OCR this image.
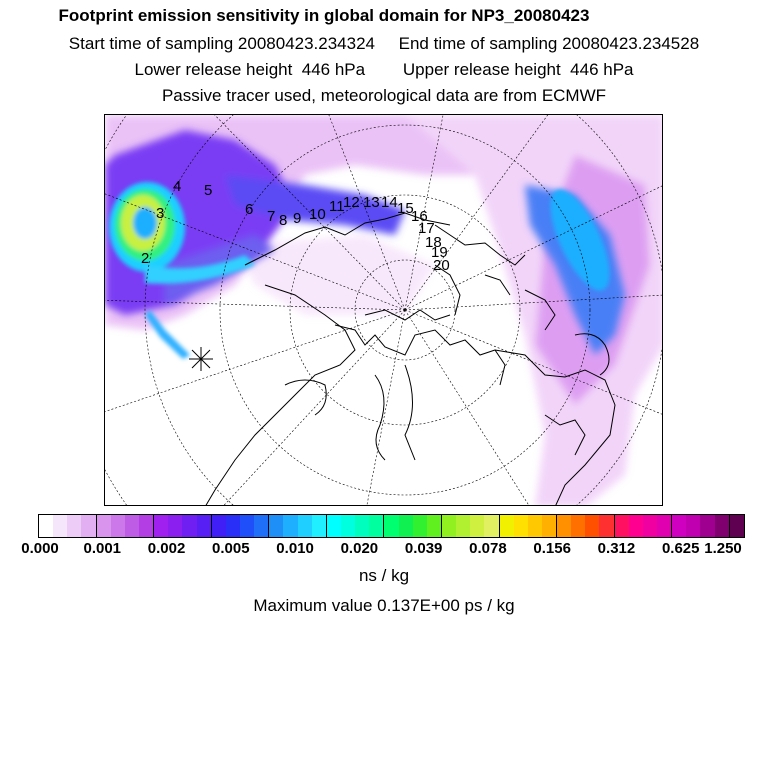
Footprint emission sensitivity in global domain for NP3_20080423
Start time of sampling 20080423.234324     End time of sampling 20080423.234528
Lower release height  446 hPa        Upper release height  446 hPa
Passive tracer used, meteorological data are from ECMWF
2
3
4 5
6 7 8 9 10 11
12 13 14 15
16
17
18
19
20
0.000 0.001 0.002 0.005 0.010 0.020 0.039 0.078 0.156 0.312 0.625 1.250
ns / kg
Maximum value 0.137E+00 ps / kg
